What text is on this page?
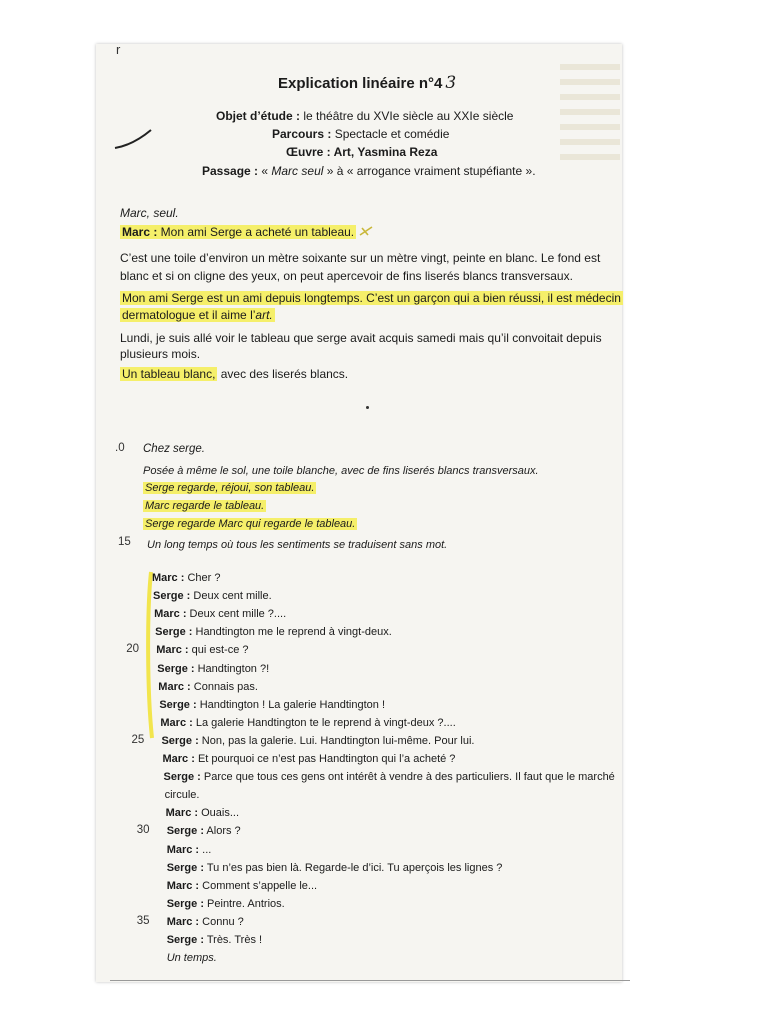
r
Explication linéaire n°4 3
Objet d’étude : le théâtre du XVIe siècle au XXIe siècle
Parcours : Spectacle et comédie
Œuvre : Art, Yasmina Reza
Passage : « Marc seul » à « arrogance vraiment stupéfiante ».
Marc, seul.
Marc : Mon ami Serge a acheté un tableau.
C’est une toile d’environ un mètre soixante sur un mètre vingt, peinte en blanc. Le fond est
blanc et si on cligne des yeux, on peut apercevoir de fins liserés blancs transversaux.
Mon ami Serge est un ami depuis longtemps. C’est un garçon qui a bien réussi, il est médecin
dermatologue et il aime l’art.
Lundi, je suis allé voir le tableau que serge avait acquis samedi mais qu’il convoitait depuis
plusieurs mois.
Un tableau blanc, avec des liserés blancs.
.0 Chez serge.
Posée à même le sol, une toile blanche, avec de fins liserés blancs transversaux.
Serge regarde, réjoui, son tableau.
Marc regarde le tableau.
Serge regarde Marc qui regarde le tableau.
15 Un long temps où tous les sentiments se traduisent sans mot.
Marc : Cher ?
Serge : Deux cent mille.
Marc : Deux cent mille ?....
Serge : Handtington me le reprend à vingt-deux.
20 Marc : qui est-ce ?
Serge : Handtington ?!
Marc : Connais pas.
Serge : Handtington ! La galerie Handtington !
Marc : La galerie Handtington te le reprend à vingt-deux ?....
25 Serge : Non, pas la galerie. Lui. Handtington lui-même. Pour lui.
Marc : Et pourquoi ce n’est pas Handtington qui l’a acheté ?
Serge : Parce que tous ces gens ont intérêt à vendre à des particuliers. Il faut que le marché
circule.
Marc : Ouais...
30 Serge : Alors ?
Marc : ...
Serge : Tu n’es pas bien là. Regarde-le d’ici. Tu aperçois les lignes ?
Marc : Comment s’appelle le...
Serge : Peintre. Antrios.
35 Marc : Connu ?
Serge : Très. Très !
Un temps.
